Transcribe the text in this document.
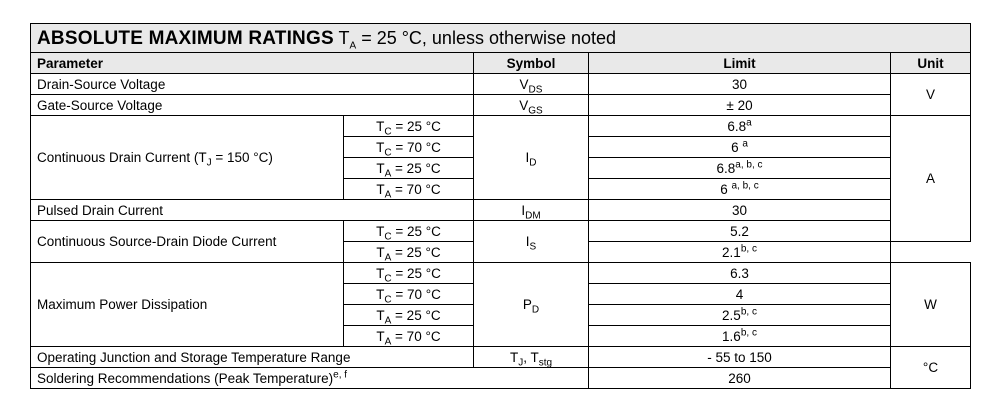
ABSOLUTE MAXIMUM RATINGS $T_A = 25$ °C, unless otherwise noted				
Parameter		Symbol	Limit	Unit
Drain-Source Voltage		$V_{DS}$	30	V
Gate-Source Voltage		$V_{GS}$	± 20	
Continuous Drain Current ($T_J = 150$ °C)	$T_C = 25$ °C	$I_D$	6.8$^a$	A
	$T_C = 70$ °C		6 $^a$
	$T_A = 25$ °C		6.8$^{a, b, c}$
	$T_A = 70$ °C		6 $^{a, b, c}$
Pulsed Drain Current		$I_{DM}$	30	
Continuous Source-Drain Diode Current	$T_C = 25$ °C	$I_S$	5.2	
	$T_A = 25$ °C		2.1$^{b, c}$
Maximum Power Dissipation	$T_C = 25$ °C	$P_D$	6.3	W
	$T_C = 70$ °C		4	
	$T_A = 25$ °C		2.5$^{b, c}$
	$T_A = 70$ °C		1.6$^{b, c}$
Operating Junction and Storage Temperature Range		$T_J$, $T_{stg}$	- 55 to 150	°C
Soldering Recommendations (Peak Temperature)$^{e, f}$			260	
